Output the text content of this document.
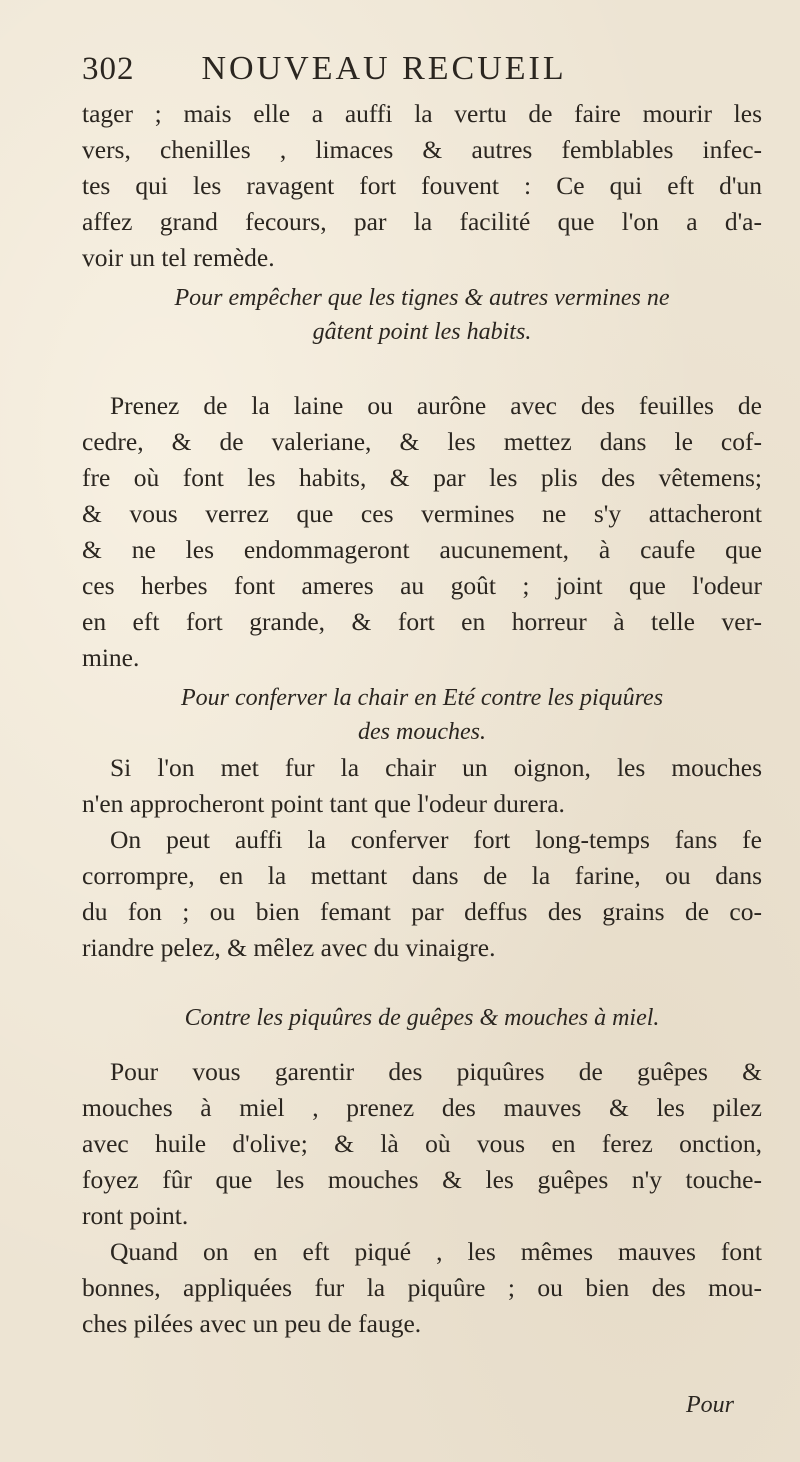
302 NOUVEAU RECUEIL
tager ; mais elle a auffi la vertu de faire mourir les
vers, chenilles , limaces & autres femblables infec-
tes qui les ravagent fort fouvent : Ce qui eft d'un
affez grand fecours, par la facilité que l'on a d'a-
voir un tel remède.
Pour empêcher que les tignes & autres vermines ne
gâtent point les habits.
Prenez de la laine ou aurône avec des feuilles de
cedre, & de valeriane, & les mettez dans le cof-
fre où font les habits, & par les plis des vêtemens;
& vous verrez que ces vermines ne s'y attacheront
& ne les endommageront aucunement, à caufe que
ces herbes font ameres au goût ; joint que l'odeur
en eft fort grande, & fort en horreur à telle ver-
mine.
Pour conferver la chair en Eté contre les piquûres
des mouches.
Si l'on met fur la chair un oignon, les mouches
n'en approcheront point tant que l'odeur durera.
On peut auffi la conferver fort long-temps fans fe
corrompre, en la mettant dans de la farine, ou dans
du fon ; ou bien femant par deffus des grains de co-
riandre pelez, & mêlez avec du vinaigre.
Contre les piquûres de guêpes & mouches à miel.
Pour vous garentir des piquûres de guêpes &
mouches à miel , prenez des mauves & les pilez
avec huile d'olive; & là où vous en ferez onction,
foyez fûr que les mouches & les guêpes n'y touche-
ront point.
Quand on en eft piqué , les mêmes mauves font
bonnes, appliquées fur la piquûre ; ou bien des mou-
ches pilées avec un peu de fauge.
Pour
